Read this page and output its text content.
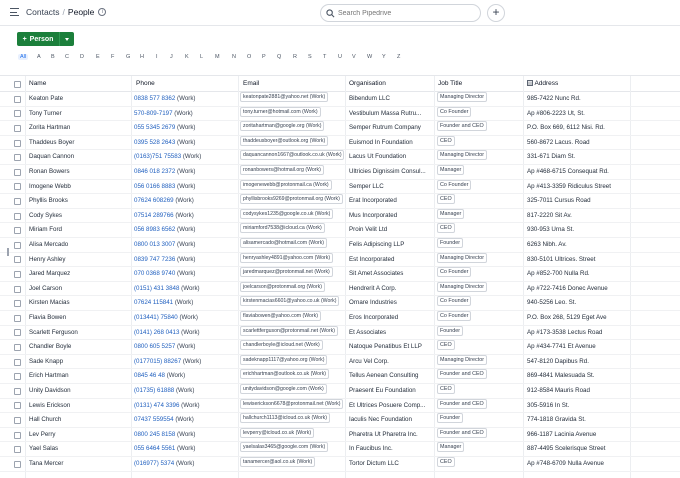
Contacts / People	i
Search Pipedrive	+
+ Person
All	A B C D E F G H I J K L M N O P Q R S T U V W Y Z
Name	Phone	Email	Organisation	Job Title	Address
Keaton Pate	0838 577 8362 (Work)	keatonpate2881@yahoo.net (Work)	Bibendum LLC	Managing Director	985-7422 Nunc Rd.
Tony Turner	570-809-7197 (Work)	tony.turner@hotmail.com (Work)	Vestibulum Massa Rutru...	Co Founder	Ap #806-2223 Ut, St.
Zorita Hartman	055 5345 2679 (Work)	zoritahartman@google.org (Work)	Semper Rutrum Company	Founder and CEO	P.O. Box 669, 6112 Nisi. Rd.
Thaddeus Boyer	0395 528 2643 (Work)	thaddeusboyer@outlook.org (Work)	Euismod In Foundation	CEO	560-8672 Lacus. Road
Daquan Cannon	(0163)751 75583 (Work)	daquancannon1667@outlook.co.uk (Work)	Lacus Ut Foundation	Managing Director	331-671 Diam St.
Ronan Bowers	0846 018 2372 (Work)	ronanbowers@hotmail.org (Work)	Ultricies Dignissim Consul...	Manager	Ap #468-6715 Consequat Rd.
Imogene Webb	056 0166 8883 (Work)	imogenewebb@protonmail.ca (Work)	Semper LLC	Co Founder	Ap #413-3359 Ridiculus Street
Phyllis Brooks	07624 608269 (Work)	phyllisbrooks9269@protonmail.org (Work)	Erat Incorporated	CEO	325-7011 Cursus Road
Cody Sykes	07514 289766 (Work)	codysykes1235@google.co.uk (Work)	Mus Incorporated	Manager	817-2220 Sit Av.
Miriam Ford	056 8983 6562 (Work)	miriamford7538@icloud.ca (Work)	Proin Velit Ltd	CEO	930-953 Urna St.
Alisa Mercado	0800 013 3007 (Work)	alisamercado@hotmail.com (Work)	Felis Adipiscing LLP	Founder	6263 Nibh. Av.
Henry Ashley	0839 747 7236 (Work)	henryashley4891@yahoo.com (Work)	Est Incorporated	Managing Director	830-5101 Ultrices. Street
Jared Marquez	070 0368 9740 (Work)	jaredmarquez@protonmail.net (Work)	Sit Amet Associates	Co Founder	Ap #852-700 Nulla Rd.
Joel Carson	(0151) 431 3848 (Work)	joelcarson@protonmail.org (Work)	Hendrerit A Corp.	Managing Director	Ap #722-7416 Donec Avenue
Kirsten Macias	07624 115841 (Work)	kirstenmacias6601@yahoo.co.uk (Work)	Ornare Industries	Co Founder	940-5256 Leo. St.
Flavia Bowen	(013441) 75840 (Work)	flaviabowen@yahoo.com (Work)	Eros Incorporated	Co Founder	P.O. Box 268, 5129 Eget Ave
Scarlett Ferguson	(0141) 268 0413 (Work)	scarlettferguson@protonmail.net (Work)	Et Associates	Founder	Ap #173-3538 Lectus Road
Chandler Boyle	0800 605 5257 (Work)	chandlerboyle@icloud.net (Work)	Natoque Penatibus Et LLP	CEO	Ap #434-7741 Et Avenue
Sade Knapp	(0177015) 88267 (Work)	sadeknapp1117@yahoo.org (Work)	Arcu Vel Corp.	Managing Director	547-8120 Dapibus Rd.
Erich Hartman	0845 46 48 (Work)	erichhartman@outlook.co.uk (Work)	Tellus Aenean Consulting	Founder and CEO	869-4841 Malesuada St.
Unity Davidson	(01735) 61888 (Work)	unitydavidson@google.com (Work)	Praesent Eu Foundation	CEO	912-8584 Mauris Road
Lewis Erickson	(0131) 474 3396 (Work)	lewiserickson6678@protonmail.net (Work)	Et Ultrices Posuere Comp...	Founder and CEO	305-5916 In St.
Hall Church	07437 559554 (Work)	hallchurch1113@icloud.co.uk (Work)	Iaculis Nec Foundation	Founder	774-1818 Gravida St.
Lev Perry	0800 245 8158 (Work)	levperry@icloud.co.uk (Work)	Pharetra Ut Pharetra Inc.	Founder and CEO	966-1187 Lacinia Avenue
Yael Salas	055 6464 5561 (Work)	yaelsalas3465@google.com (Work)	In Faucibus Inc.	Manager	887-4495 Scelerisque Street
Tana Mercer	(016977) 5374 (Work)	tanamercer@aol.co.uk (Work)	Tortor Dictum LLC	CEO	Ap #748-6709 Nulla Avenue
